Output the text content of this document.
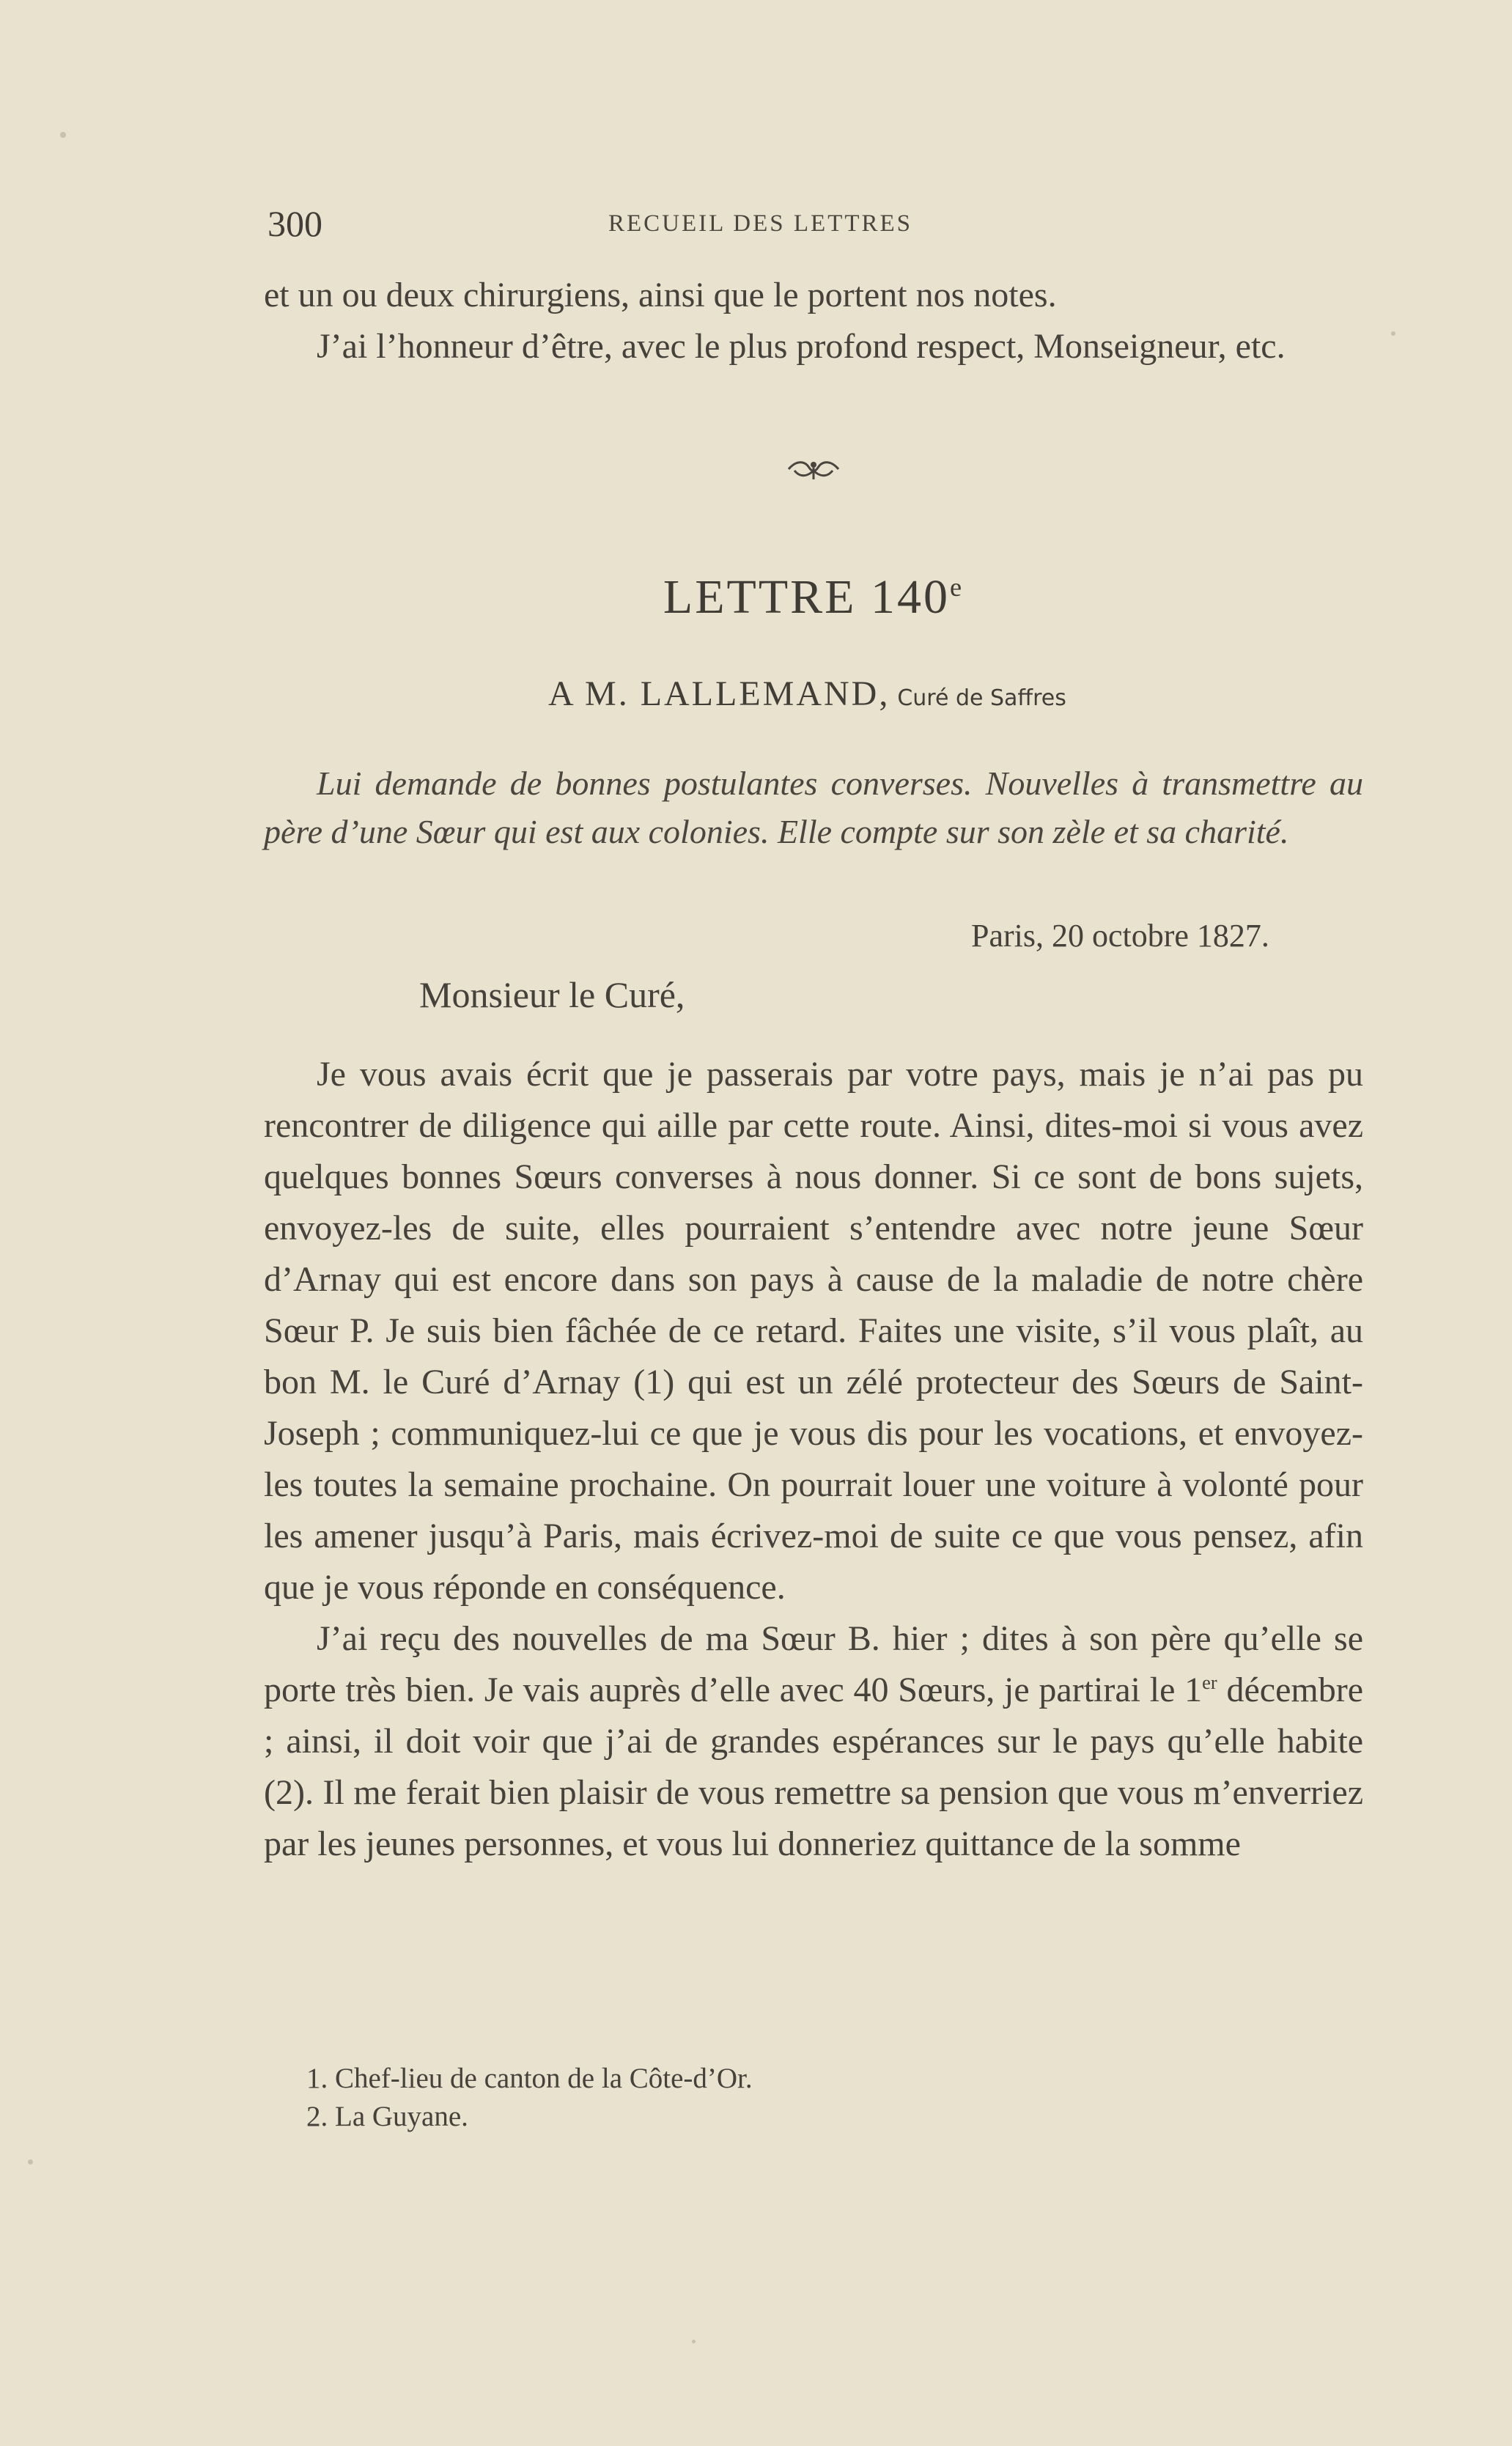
300	RECUEIL DES LETTRES

et un ou deux chirurgiens, ainsi que le portent nos notes.

J’ai l’honneur d’être, avec le plus profond respect, Monseigneur, etc.

LETTRE 140e
A M. LALLEMAND, Curé de Saffres
Lui demande de bonnes postulantes converses. Nouvelles à transmettre au père d’une Sœur qui est aux colonies. Elle compte sur son zèle et sa charité.
Paris, 20 octobre 1827.
Monsieur le Curé,

Je vous avais écrit que je passerais par votre pays, mais je n’ai pas pu rencontrer de diligence qui aille par cette route. Ainsi, dites-moi si vous avez quelques bonnes Sœurs converses à nous donner. Si ce sont de bons sujets, envoyez-les de suite, elles pourraient s’entendre avec notre jeune Sœur d’Arnay qui est encore dans son pays à cause de la maladie de notre chère Sœur P. Je suis bien fâchée de ce retard. Faites une visite, s’il vous plaît, au bon M. le Curé d’Arnay (1) qui est un zélé protecteur des Sœurs de Saint-Joseph ; communiquez-lui ce que je vous dis pour les vocations, et envoyez-les toutes la semaine prochaine. On pourrait louer une voiture à volonté pour les amener jusqu’à Paris, mais écrivez-moi de suite ce que vous pensez, afin que je vous réponde en conséquence.

J’ai reçu des nouvelles de ma Sœur B. hier ; dites à son père qu’elle se porte très bien. Je vais auprès d’elle avec 40 Sœurs, je partirai le 1er décembre ; ainsi, il doit voir que j’ai de grandes espérances sur le pays qu’elle habite (2). Il me ferait bien plaisir de vous remettre sa pension que vous m’enverriez par les jeunes personnes, et vous lui donneriez quittance de la somme

1. Chef-lieu de canton de la Côte-d’Or.
2. La Guyane.
